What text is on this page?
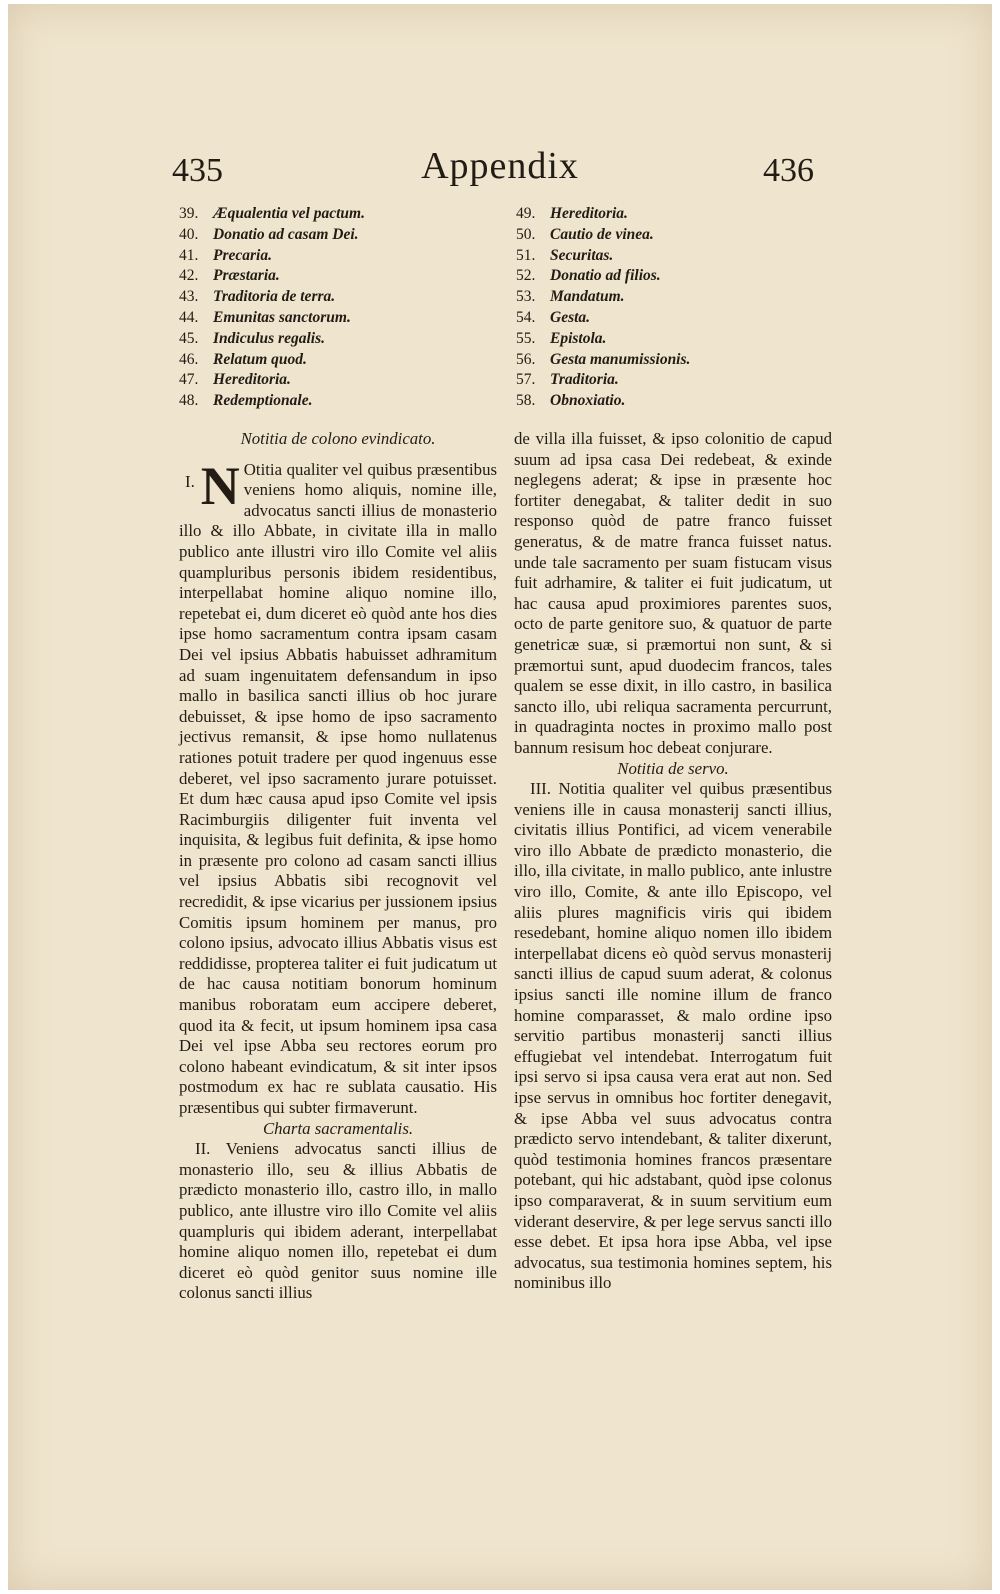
435	Appendix	436
39. Æqualentia vel pactum.
40. Donatio ad casam Dei.
41. Precaria.
42. Præstaria.
43. Traditoria de terra.
44. Emunitas sanctorum.
45. Indiculus regalis.
46. Relatum quod.
47. Hereditoria.
48. Redemptionale.
49. Hereditoria.
50. Cautio de vinea.
51. Securitas.
52. Donatio ad filios.
53. Mandatum.
54. Gesta.
55. Epistola.
56. Gesta manumissionis.
57. Traditoria.
58. Obnoxiatio.

Notitia de colono evindicato.

I. N Otitia qualiter vel quibus præsentibus veniens homo aliquis, nomine ille, advocatus sancti illius de monasterio illo & illo Abbate, in civitate illa in mallo publico ante illustri viro illo Comite vel aliis quampluribus personis ibidem residentibus, interpellabat homine aliquo nomine illo, repetebat ei, dum diceret eò quòd ante hos dies ipse homo sacramentum contra ipsam casam Dei vel ipsius Abbatis habuisset adhramitum ad suam ingenuitatem defensandum in ipso mallo in basilica sancti illius ob hoc jurare debuisset, & ipse homo de ipso sacramento jectivus remansit, & ipse homo nullatenus rationes potuit tradere per quod ingenuus esse deberet, vel ipso sacramento jurare potuisset. Et dum hæc causa apud ipso Comite vel ipsis Racimburgiis diligenter fuit inventa vel inquisita, & legibus fuit definita, & ipse homo in præsente pro colono ad casam sancti illius vel ipsius Abbatis sibi recognovit vel recredidit, & ipse vicarius per jussionem ipsius Comitis ipsum hominem per manus, pro colono ipsius, advocato illius Abbatis visus est reddidisse, propterea taliter ei fuit judicatum ut de hac causa notitiam bonorum hominum manibus roboratam eum accipere deberet, quod ita & fecit, ut ipsum hominem ipsa casa Dei vel ipse Abba seu rectores eorum pro colono habeant evindicatum, & sit inter ipsos postmodum ex hac re sublata causatio. His præsentibus qui subter firmaverunt.

Charta sacramentalis.

II. Veniens advocatus sancti illius de monasterio illo, seu & illius Abbatis de prædicto monasterio illo, castro illo, in mallo publico, ante illustre viro illo Comite vel aliis quampluris qui ibidem aderant, interpellabat homine aliquo nomen illo, repetebat ei dum diceret eò quòd genitor suus nomine ille colonus sancti illius

de villa illa fuisset, & ipso colonitio de capud suum ad ipsa casa Dei redebeat, & exinde neglegens aderat; & ipse in præsente hoc fortiter denegabat, & taliter dedit in suo responso quòd de patre franco fuisset generatus, & de matre franca fuisset natus. unde tale sacramento per suam fistucam visus fuit adrhamire, & taliter ei fuit judicatum, ut hac causa apud proximiores parentes suos, octo de parte genitore suo, & quatuor de parte genetricæ suæ, si præmortui non sunt, & si præmortui sunt, apud duodecim francos, tales qualem se esse dixit, in illo castro, in basilica sancto illo, ubi reliqua sacramenta percurrunt, in quadraginta noctes in proximo mallo post bannum resisum hoc debeat conjurare.

Notitia de servo.

III. Notitia qualiter vel quibus præsentibus veniens ille in causa monasterij sancti illius, civitatis illius Pontifici, ad vicem venerabile viro illo Abbate de prædicto monasterio, die illo, illa civitate, in mallo publico, ante inlustre viro illo, Comite, & ante illo Episcopo, vel aliis plures magnificis viris qui ibidem resedebant, homine aliquo nomen illo ibidem interpellabat dicens eò quòd servus monasterij sancti illius de capud suum aderat, & colonus ipsius sancti ille nomine illum de franco homine comparasset, & malo ordine ipso servitio partibus monasterij sancti illius effugiebat vel intendebat. Interrogatum fuit ipsi servo si ipsa causa vera erat aut non. Sed ipse servus in omnibus hoc fortiter denegavit, & ipse Abba vel suus advocatus contra prædicto servo intendebant, & taliter dixerunt, quòd testimonia homines francos præsentare potebant, qui hic adstabant, quòd ipse colonus ipso comparaverat, & in suum servitium eum viderant deservire, & per lege servus sancti illo esse debet. Et ipsa hora ipse Abba, vel ipse advocatus, sua testimonia homines septem, his nominibus illo
